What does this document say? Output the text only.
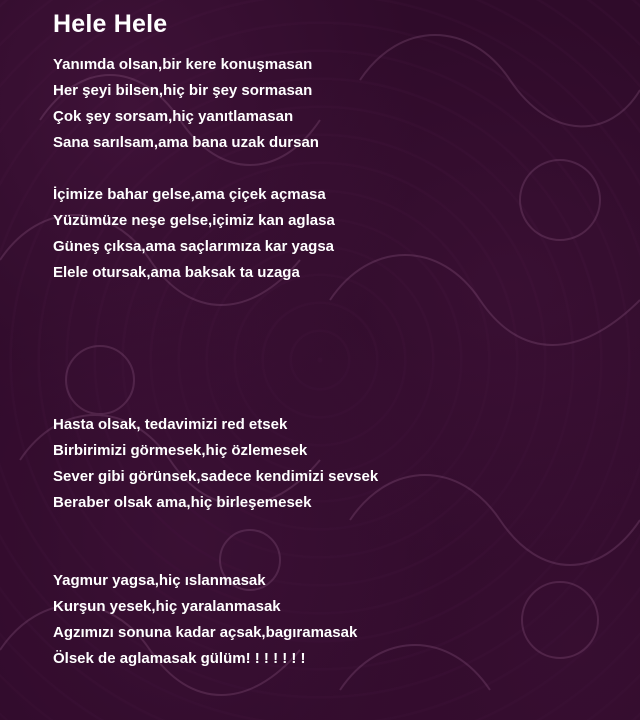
Hele Hele
Yanımda olsan,bir kere konuşmasan
Her şeyi bilsen,hiç bir şey sormasan
Çok şey sorsam,hiç yanıtlamasan
Sana sarılsam,ama bana uzak dursan
İçimize bahar gelse,ama çiçek açmasa
Yüzümüze neşe gelse,içimiz kan aglasa
Güneş çıksa,ama saçlarımıza kar yagsa
Elele otursak,ama baksak ta uzaga
Hasta olsak, tedavimizi red etsek
Birbirimizi görmesek,hiç özlemesek
Sever gibi görünsek,sadece kendimizi sevsek
Beraber olsak ama,hiç birleşemesek
Yagmur yagsa,hiç ıslanmasak
Kurşun yesek,hiç yaralanmasak
Agzımızı sonuna kadar açsak,bagıramasak
Ölsek de aglamasak gülüm! ! ! ! ! ! !
